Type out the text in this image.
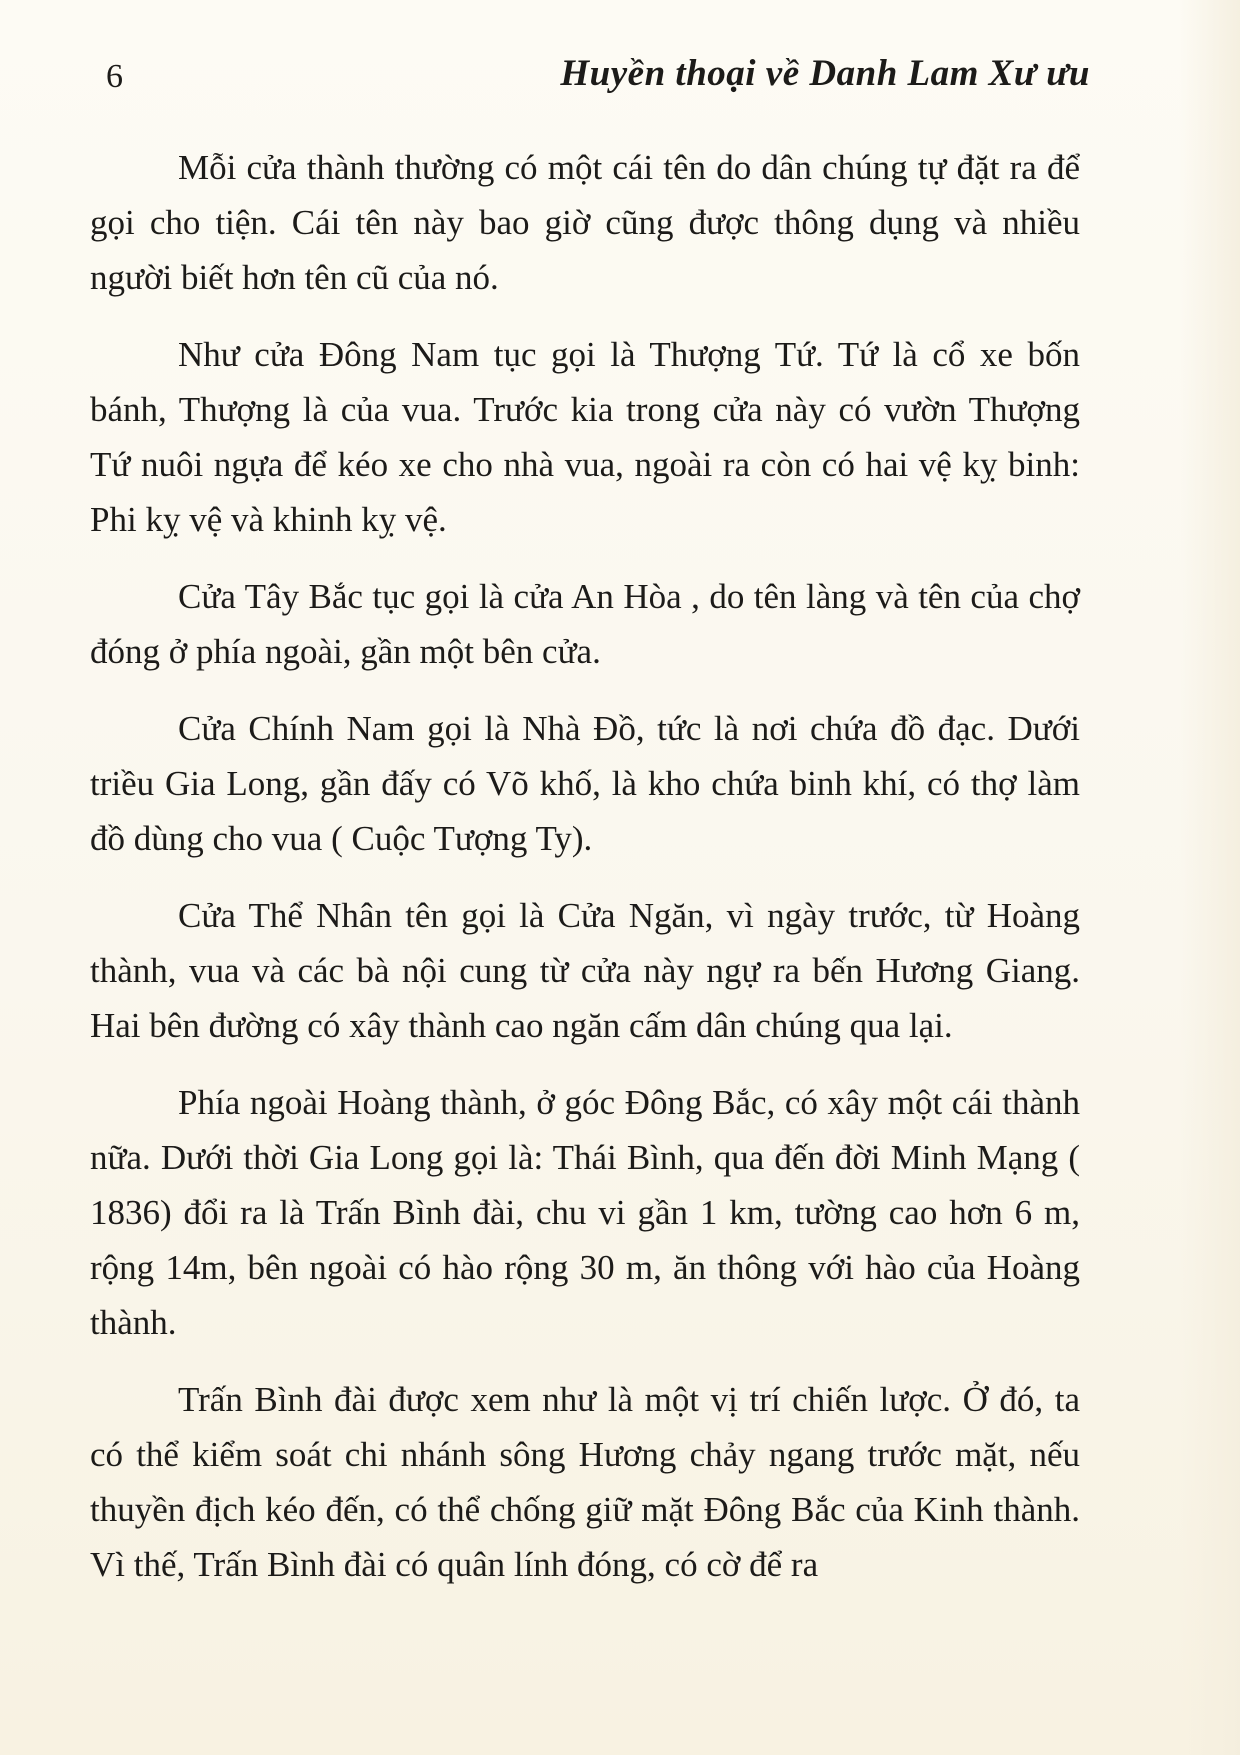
6	Huyền thoại về Danh Lam Xư ưu

Mỗi cửa thành thường có một cái tên do dân chúng tự đặt ra để gọi cho tiện. Cái tên này bao giờ cũng được thông dụng và nhiều người biết hơn tên cũ của nó.

Như cửa Đông Nam tục gọi là Thượng Tứ. Tứ là cổ xe bốn bánh, Thượng là của vua. Trước kia trong cửa này có vườn Thượng Tứ nuôi ngựa để kéo xe cho nhà vua, ngoài ra còn có hai vệ kỵ binh: Phi kỵ vệ và khinh kỵ vệ.

Cửa Tây Bắc tục gọi là cửa An Hòa , do tên làng và tên của chợ đóng ở phía ngoài, gần một bên cửa.

Cửa Chính Nam gọi là Nhà Đồ, tức là nơi chứa đồ đạc. Dưới triều Gia Long, gần đấy có Võ khố, là kho chứa binh khí, có thợ làm đồ dùng cho vua ( Cuộc Tượng Ty).

Cửa Thể Nhân tên gọi là Cửa Ngăn, vì ngày trước, từ Hoàng thành, vua và các bà nội cung từ cửa này ngự ra bến Hương Giang. Hai bên đường có xây thành cao ngăn cấm dân chúng qua lại.

Phía ngoài Hoàng thành, ở góc Đông Bắc, có xây một cái thành nữa. Dưới thời Gia Long gọi là: Thái Bình, qua đến đời Minh Mạng ( 1836) đổi ra là Trấn Bình đài, chu vi gần 1 km, tường cao hơn 6 m, rộng 14m, bên ngoài có hào rộng 30 m, ăn thông với hào của Hoàng thành.

Trấn Bình đài được xem như là một vị trí chiến lược. Ở đó, ta có thể kiểm soát chi nhánh sông Hương chảy ngang trước mặt, nếu thuyền địch kéo đến, có thể chống giữ mặt Đông Bắc của Kinh thành. Vì thế, Trấn Bình đài có quân lính đóng, có cờ để ra
